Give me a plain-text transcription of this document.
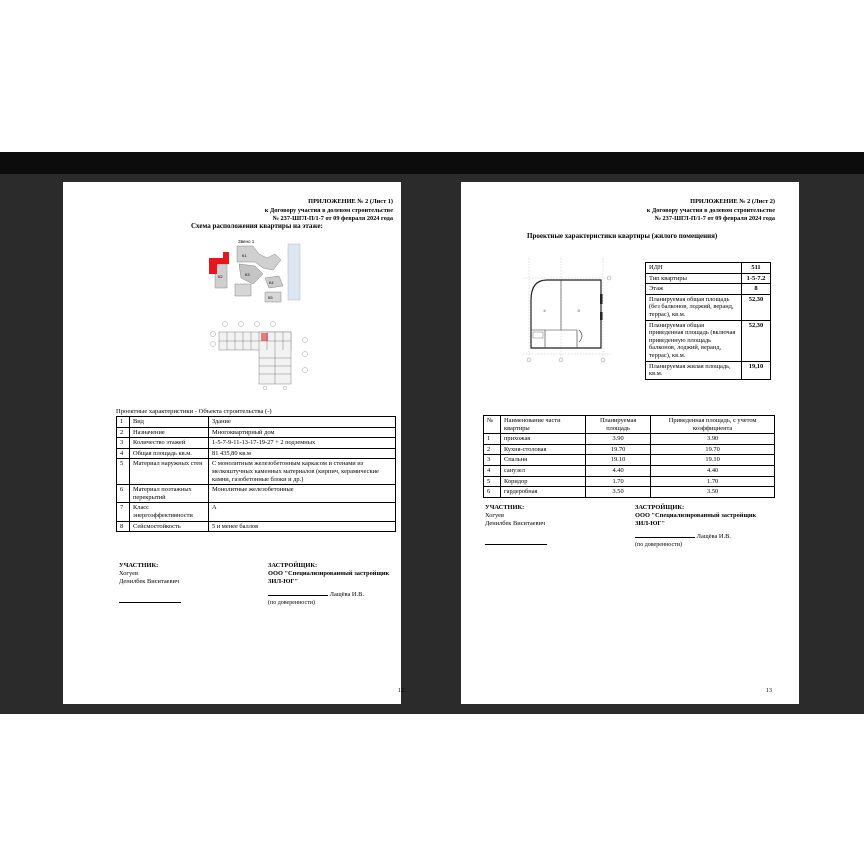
ПРИЛОЖЕНИЕ № 2 (Лист 1)
к Договору участия в долевом строительстве
№ 237-ШГЛ-П/1-7 от 09 февраля 2024 года
Схема расположения квартиры на этаже:
Звено 1
К1
К2	К3
К4
К5
Проектные характеристики - Объекта строительства (-)
1	Вид	Здание
2	Назначение	Многоквартирный дом
3	Количество этажей	1-5-7-9-11-13-17-19-27 + 2 подземных
4	Общая площадь кв.м.	81 435,80 кв.м
5	Материал наружных стен	С монолитным железобетонным каркасом и стенами из мелкоштучных каменных материалов (кирпич, керамические камни, газобетонные блоки и др.)
6	Материал поэтажных перекрытий	Монолитные железобетонные
7	Класс энергоэффективности	А
8	Сейсмостойкость	5 и менее баллов
УЧАСТНИК:
Хогуев
Денилбек Виситаевич
ЗАСТРОЙЩИК:
ООО "Специализированный застройщик
ЗИЛ-ЮГ"
Лащёва И.В.
(по доверенности)
12
ПРИЛОЖЕНИЕ № 2 (Лист 2)
к Договору участия в долевом строительстве
№ 237-ШГЛ-П/1-7 от 09 февраля 2024 года
Проектные характеристики квартиры (жилого помещения)
①	③
ИДН	511
Тип квартиры	1-5-7.2
Этаж	8
Планируемая общая площадь (без балконов, лоджий, веранд, террас), кв.м.	52,30
Планируемая общая приведенная площадь (включая приведенную площадь балконов, лоджий, веранд, террас), кв.м.	52,30
Планируемая жилая площадь, кв.м.	19,10
№	Наименование части квартиры	Планируемая площадь	Приведенная площадь, с учетом коэффициента
1	прихожая	3.90	3.90
2	Кухня-столовая	19.70	19.70
3	Спальня	19.10	19.10
4	санузел	4.40	4.40
5	Коридор	1.70	1.70
6	гардеробная	3.50	3.50
УЧАСТНИК:
Хогуев
Денилбек Виситаевич
ЗАСТРОЙЩИК:
ООО "Специализированный застройщик
ЗИЛ-ЮГ"
Лащёва И.В.
(по доверенности)
13
